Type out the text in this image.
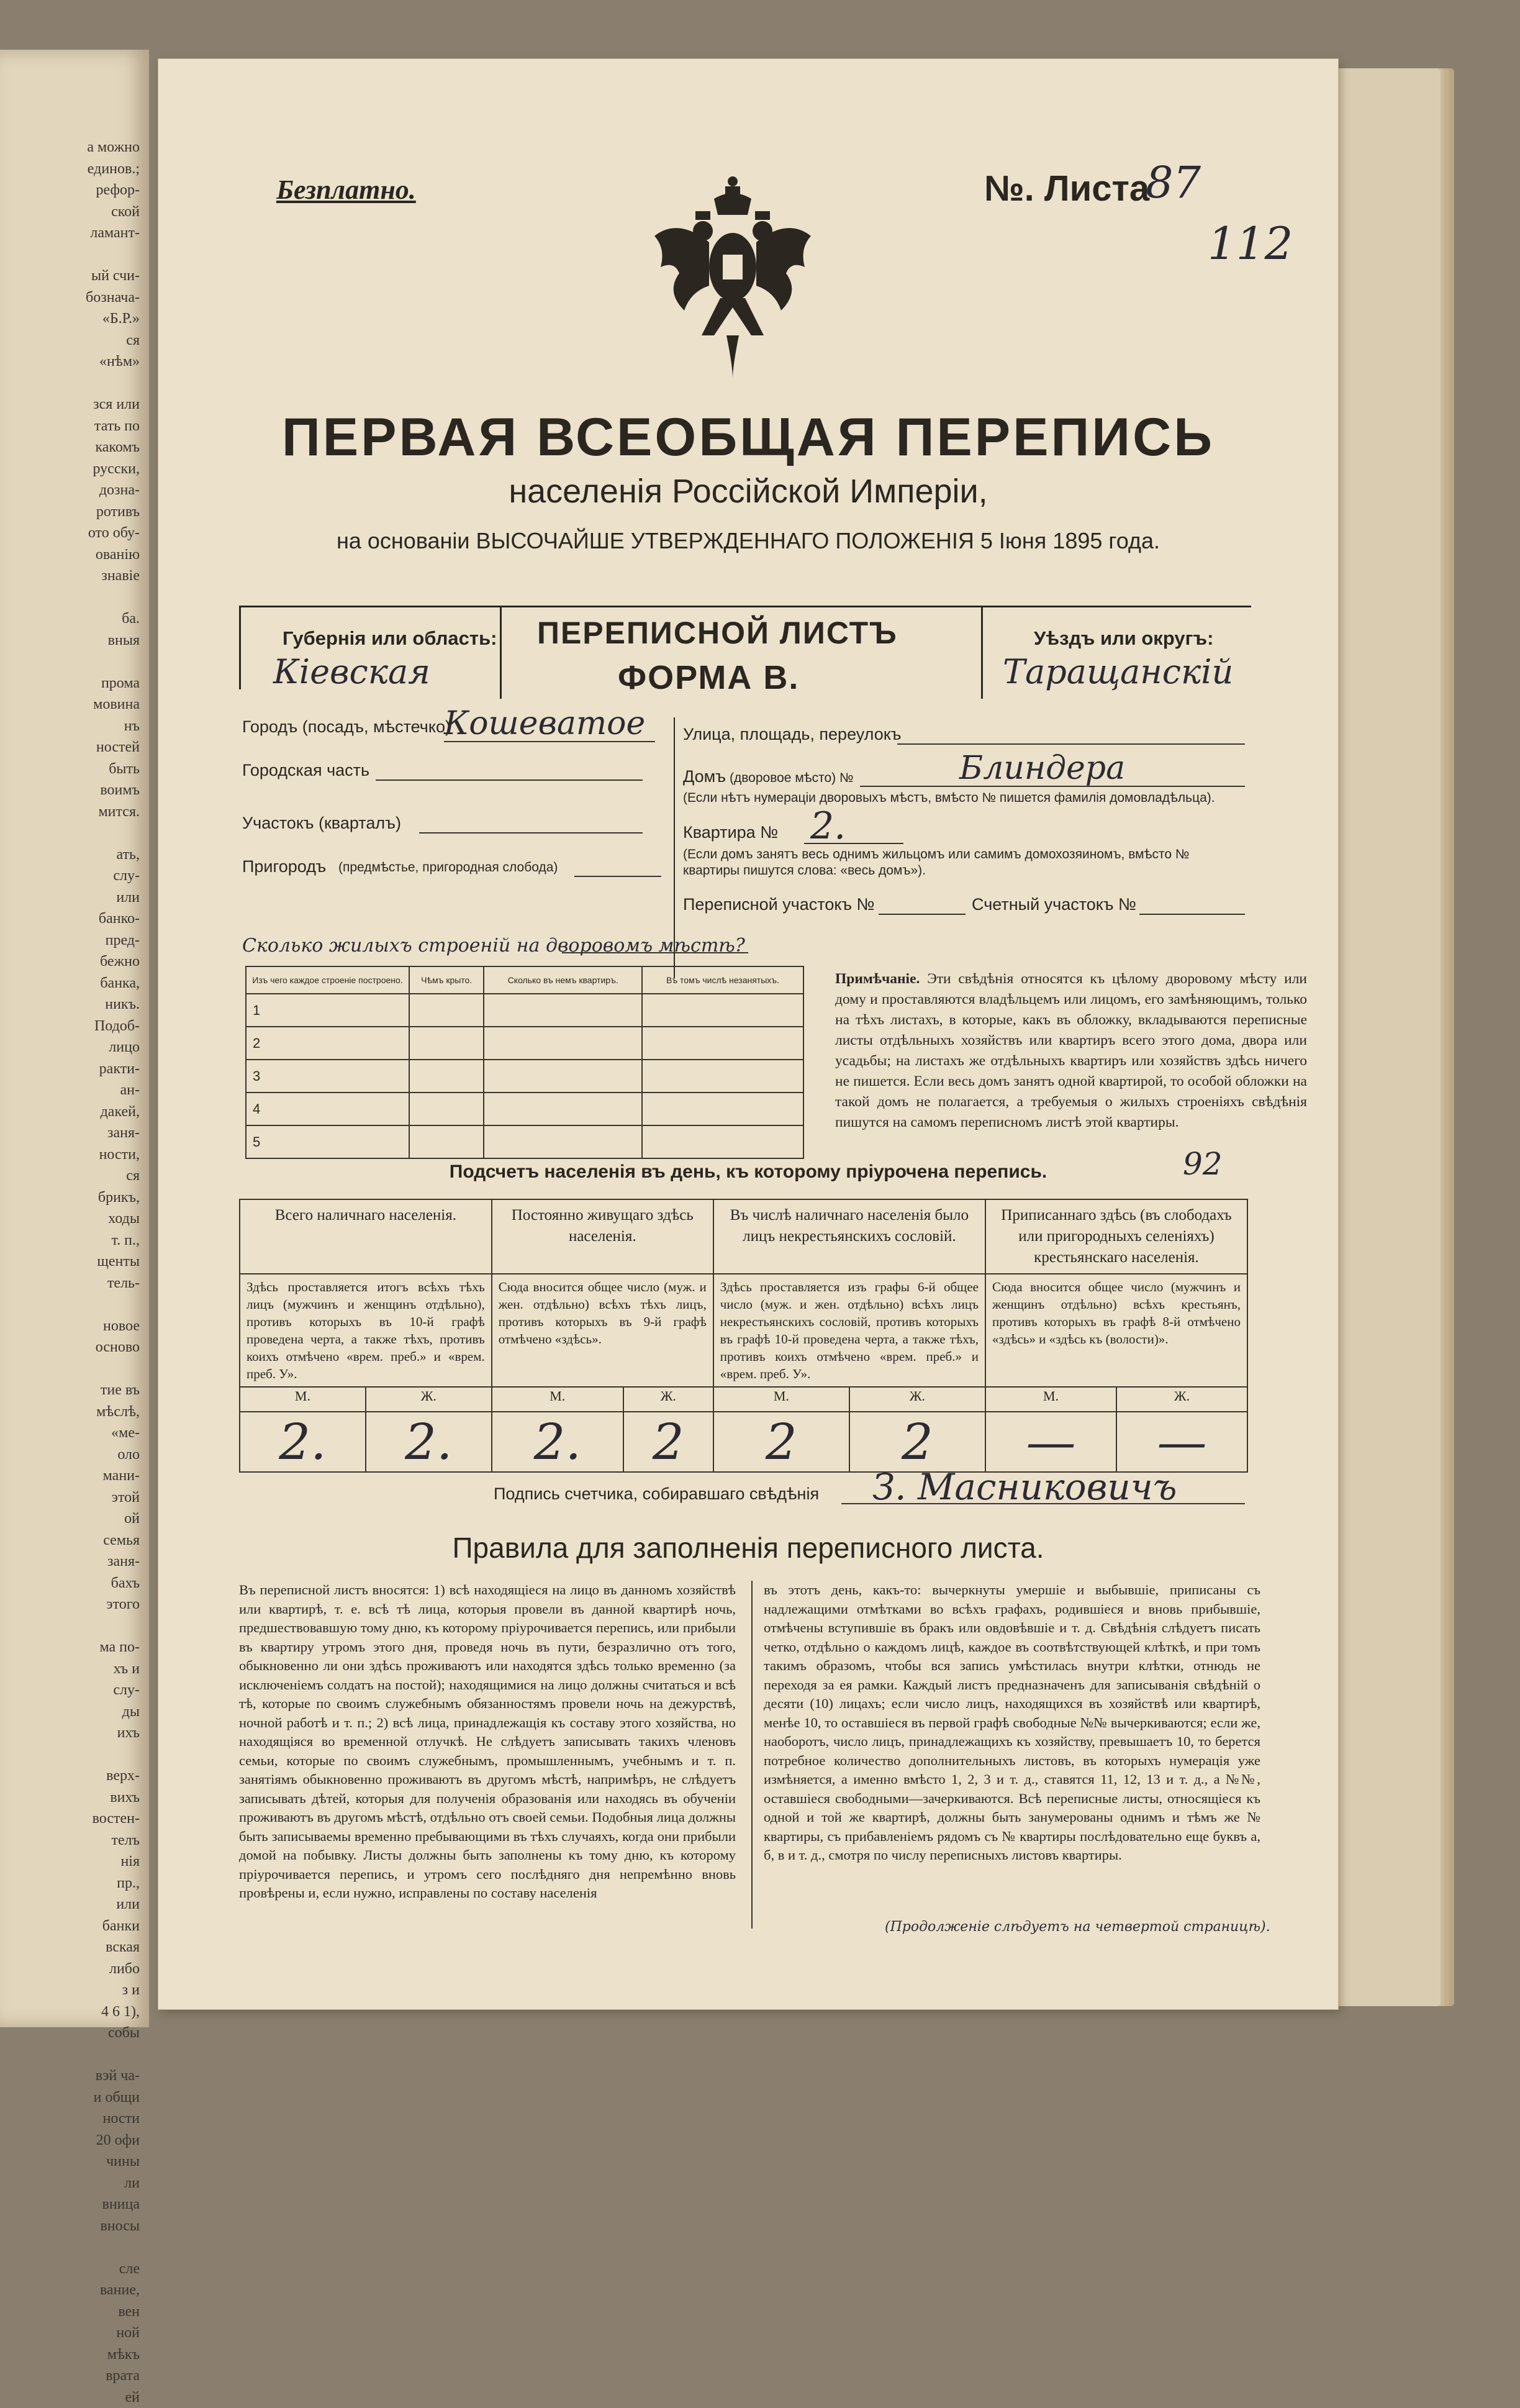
а можно
единов.;
рефор-
ской
ламант-

ый счи-
бознача-
«Б.Р.»
ся
«нѣм»

зся или
тать по
какомъ
русски,
дозна-
ротивъ
ото обу-
ованію
знавіе

ба.
вныя

прома
мовина
нъ
ностей
быть
воимъ
мится.

ать,
слу-
или
банко-
пред-
бежно
банка,
никъ.
Подоб-
лицо
ракти-
ан-
дакей,
заня-
ности,
ся
брикъ,
ходы
т. п.,
щенты
тель-

новое
осново

тие въ
мѣслѣ,
«ме-
оло
мани-
этой
ой
семья
заня-
бахъ
этого

ма по-
хъ и
слу-
ды
ихъ

верх-
вихъ
востен-
телъ
нія
пр.,
или
банки
вская
либо
з и
4 6 1),
собы

вэй ча-
и общи
ности
20 офи
чины
ли
вница
вносы

сле
вание,
вен
ной
мѣкъ
врата
ей
Безплатно.	№. Листа
87
112
ПЕРВАЯ ВСЕОБЩАЯ ПЕРЕПИСЬ
населенія Россійской Имперіи,
на основаніи ВЫСОЧАЙШЕ УТВЕРЖДЕННАГО ПОЛОЖЕНІЯ 5 Іюня 1895 года.
Губернія или область:
Кіевская
ПЕРЕПИСНОЙ ЛИСТЪ
ФОРМА В.
Уѣздъ или округъ:
Таращанскій
Городъ (посадъ, мѣстечко)
Кошеватое
Городская часть
Участокъ (кварталъ)
Пригородъ (предмѣстье, пригородная слобода)
Улица, площадь, переулокъ
Домъ (дворовое мѣсто) №	Блиндера
(Если нѣтъ нумераціи дворовыхъ мѣстъ, вмѣсто № пишется фамилія домовладѣльца).
Квартира № 2.
(Если домъ занятъ весь однимъ жильцомъ или самимъ домохозяиномъ, вмѣсто № квартиры пишутся слова: «весь домъ»).
Переписной участокъ №	Счетный участокъ №
Сколько жилыхъ строеній на дворовомъ мѣстѣ?
Изъ чего каждое строеніе построено.	Чѣмъ крыто.	Сколько въ немъ квартиръ.	Въ томъ числѣ незанятыхъ.
1			
2			
3			
4			
5			
Примѣчаніе. Эти свѣдѣнія относятся къ цѣлому дворовому мѣсту или дому и проставляются владѣльцемъ или лицомъ, его замѣняющимъ, только на тѣхъ листахъ, в которые, какъ въ обложку, вкладываются переписные листы отдѣльныхъ хозяйствъ или квартиръ всего этого дома, двора или усадьбы; на листахъ же отдѣльныхъ квартиръ или хозяйствъ здѣсь ничего не пишется. Если весь домъ занятъ одной квартирой, то особой обложки на такой домъ не полагается, а требуемыя о жилыхъ строеніяхъ свѣдѣнія пишутся на самомъ переписномъ листѣ этой квартиры.
Подсчетъ населенія въ день, къ которому пріурочена перепись.	92
Всего наличнаго населенія.		Постоянно живущаго здѣсь населенія.		Въ числѣ наличнаго населенія было лицъ некрестьянскихъ сословій.		Приписаннаго здѣсь (въ слободахъ или пригородныхъ селеніяхъ) крестьянскаго населенія.	
Здѣсь проставляется итогъ всѣхъ тѣхъ лицъ (мужчинъ и женщинъ отдѣльно), противъ которыхъ въ 10-й графѣ проведена черта, а также тѣхъ, противъ коихъ отмѣчено «врем. преб.» и «врем. преб. У».		Сюда вносится общее число (муж. и жен. отдѣльно) всѣхъ тѣхъ лицъ, противъ которыхъ въ 9-й графѣ отмѣчено «здѣсь».		Здѣсь проставляется изъ графы 6-й общее число (муж. и жен. отдѣльно) всѣхъ лицъ некрестьянскихъ сословій, противъ которыхъ въ графѣ 10-й проведена черта, а также тѣхъ, противъ коихъ отмѣчено «врем. преб.» и «врем. преб. У».		Сюда вносится общее число (мужчинъ и женщинъ отдѣльно) всѣхъ крестьянъ, противъ которыхъ въ графѣ 8-й отмѣчено «здѣсь» и «здѣсь къ (волости)».	
М.	Ж.	М.	Ж.	М.	Ж.	М.	Ж.
2.	2.	2.	2	2	2	—	—
Подпись счетчика, собиравшаго свѣдѣнія З. Масниковичъ
Правила для заполненія переписного листа.
Въ переписной листъ вносятся: 1) всѣ находящіеся на лицо въ данномъ хозяйствѣ или квартирѣ, т. е. всѣ тѣ лица, которыя провели въ данной квартирѣ ночь, предшествовавшую тому дню, къ которому пріурочивается перепись, или прибыли въ квартиру утромъ этого дня, проведя ночь въ пути, безразлично отъ того, обыкновенно ли они здѣсь проживаютъ или находятся здѣсь только временно (за исключеніемъ солдатъ на постой); находящимися на лицо должны считаться и всѣ тѣ, которые по своимъ служебнымъ обязанностямъ провели ночь на дежурствѣ, ночной работѣ и т. п.; 2) всѣ лица, принадлежащія къ составу этого хозяйства, но находящіяся во временной отлучкѣ. Не слѣдуетъ записывать такихъ членовъ семьи, которые по своимъ служебнымъ, промышленнымъ, учебнымъ и т. п. занятіямъ обыкновенно проживаютъ въ другомъ мѣстѣ, напримѣръ, не слѣдуетъ записывать дѣтей, которыя для полученія образованія или находясь въ обученіи проживаютъ въ другомъ мѣстѣ, отдѣльно отъ своей семьи. Подобныя лица должны быть записываемы временно пребывающими въ тѣхъ случаяхъ, когда они прибыли домой на побывку. Листы должны быть заполнены къ тому дню, къ которому пріурочивается перепись, и утромъ сего послѣдняго дня непремѣнно вновь провѣрены и, если нужно, исправлены по составу населенія
въ этотъ день, какъ-то: вычеркнуты умершіе и выбывшіе, приписаны съ надлежащими отмѣтками во всѣхъ графахъ, родившіеся и вновь прибывшіе, отмѣчены вступившіе въ бракъ или овдовѣвшіе и т. д. Свѣдѣнія слѣдуетъ писать четко, отдѣльно о каждомъ лицѣ, каждое въ соотвѣтствующей клѣткѣ, и при томъ такимъ образомъ, чтобы вся запись умѣстилась внутри клѣтки, отнюдь не переходя за ея рамки. Каждый листъ предназначенъ для записыванія свѣдѣній о десяти (10) лицахъ; если число лицъ, находящихся въ хозяйствѣ или квартирѣ, менѣе 10, то оставшіеся въ первой графѣ свободные №№ вычеркиваются; если же, наоборотъ, число лицъ, принадлежащихъ къ хозяйству, превышаетъ 10, то берется потребное количество дополнительныхъ листовъ, въ которыхъ нумерація уже измѣняется, а именно вмѣсто 1, 2, 3 и т. д., ставятся 11, 12, 13 и т. д., а №№, оставшіеся свободными—зачеркиваются. Всѣ переписные листы, относящіеся къ одной и той же квартирѣ, должны быть занумерованы однимъ и тѣмъ же № квартиры, съ прибавленіемъ рядомъ съ № квартиры послѣдовательно еще буквъ а, б, в и т. д., смотря по числу переписныхъ листовъ квартиры.
(Продолженіе слѣдуетъ на четвертой страницѣ).
